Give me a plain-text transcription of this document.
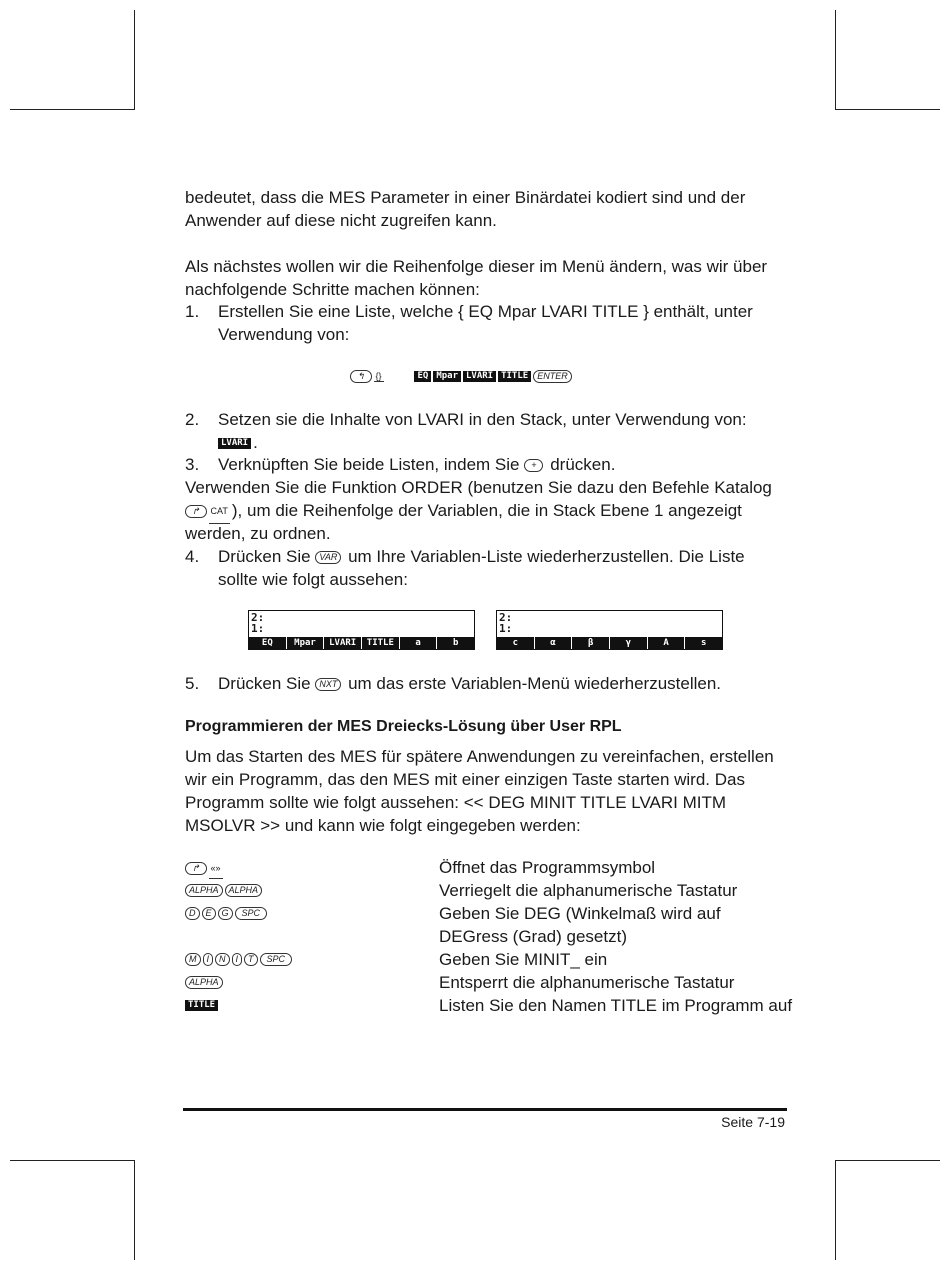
bedeutet, dass die MES Parameter in einer Binärdatei kodiert sind und der
Anwender auf diese nicht zugreifen kann.
Als nächstes wollen wir die Reihenfolge dieser im Menü ändern, was wir über
nachfolgende Schritte machen können:
1. Erstellen Sie eine Liste, welche { EQ Mpar LVARI TITLE } enthält, unter
Verwendung von:
↰ {}	EQ Mpar LVARI TITLE ENTER
2. Setzen sie die Inhalte von LVARI in den Stack, unter Verwendung von:
LVARI .
3. Verknüpften Sie beide Listen, indem Sie + drücken.
Verwenden Sie die Funktion ORDER (benutzen Sie dazu den Befehle Katalog
↱ CAT ), um die Reihenfolge der Variablen, die in Stack Ebene 1 angezeigt
werden, zu ordnen.
4. Drücken Sie VAR um Ihre Variablen-Liste wiederherzustellen. Die Liste
sollte wie folgt aussehen:
2:
1:
EQ	Mpar	LVARI	TITLE	a	b
2:
1:
c	α	β	γ	A	s
5. Drücken Sie NXT um das erste Variablen-Menü wiederherzustellen.
Programmieren der MES Dreiecks-Lösung über User RPL
Um das Starten des MES für spätere Anwendungen zu vereinfachen, erstellen
wir ein Programm, das den MES mit einer einzigen Taste starten wird. Das
Programm sollte wie folgt aussehen: << DEG MINIT TITLE LVARI MITM
MSOLVR >> und kann wie folgt eingegeben werden:
↱ «»	Öffnet das Programmsymbol
ALPHA ALPHA	Verriegelt die alphanumerische Tastatur
D E G SPC	Geben Sie DEG (Winkelmaß wird auf
DEGress (Grad) gesetzt)
M I N I T SPC	Geben Sie MINIT_ ein
ALPHA	Entsperrt die alphanumerische Tastatur
TITLE	Listen Sie den Namen TITLE im Programm auf
Seite 7-19
